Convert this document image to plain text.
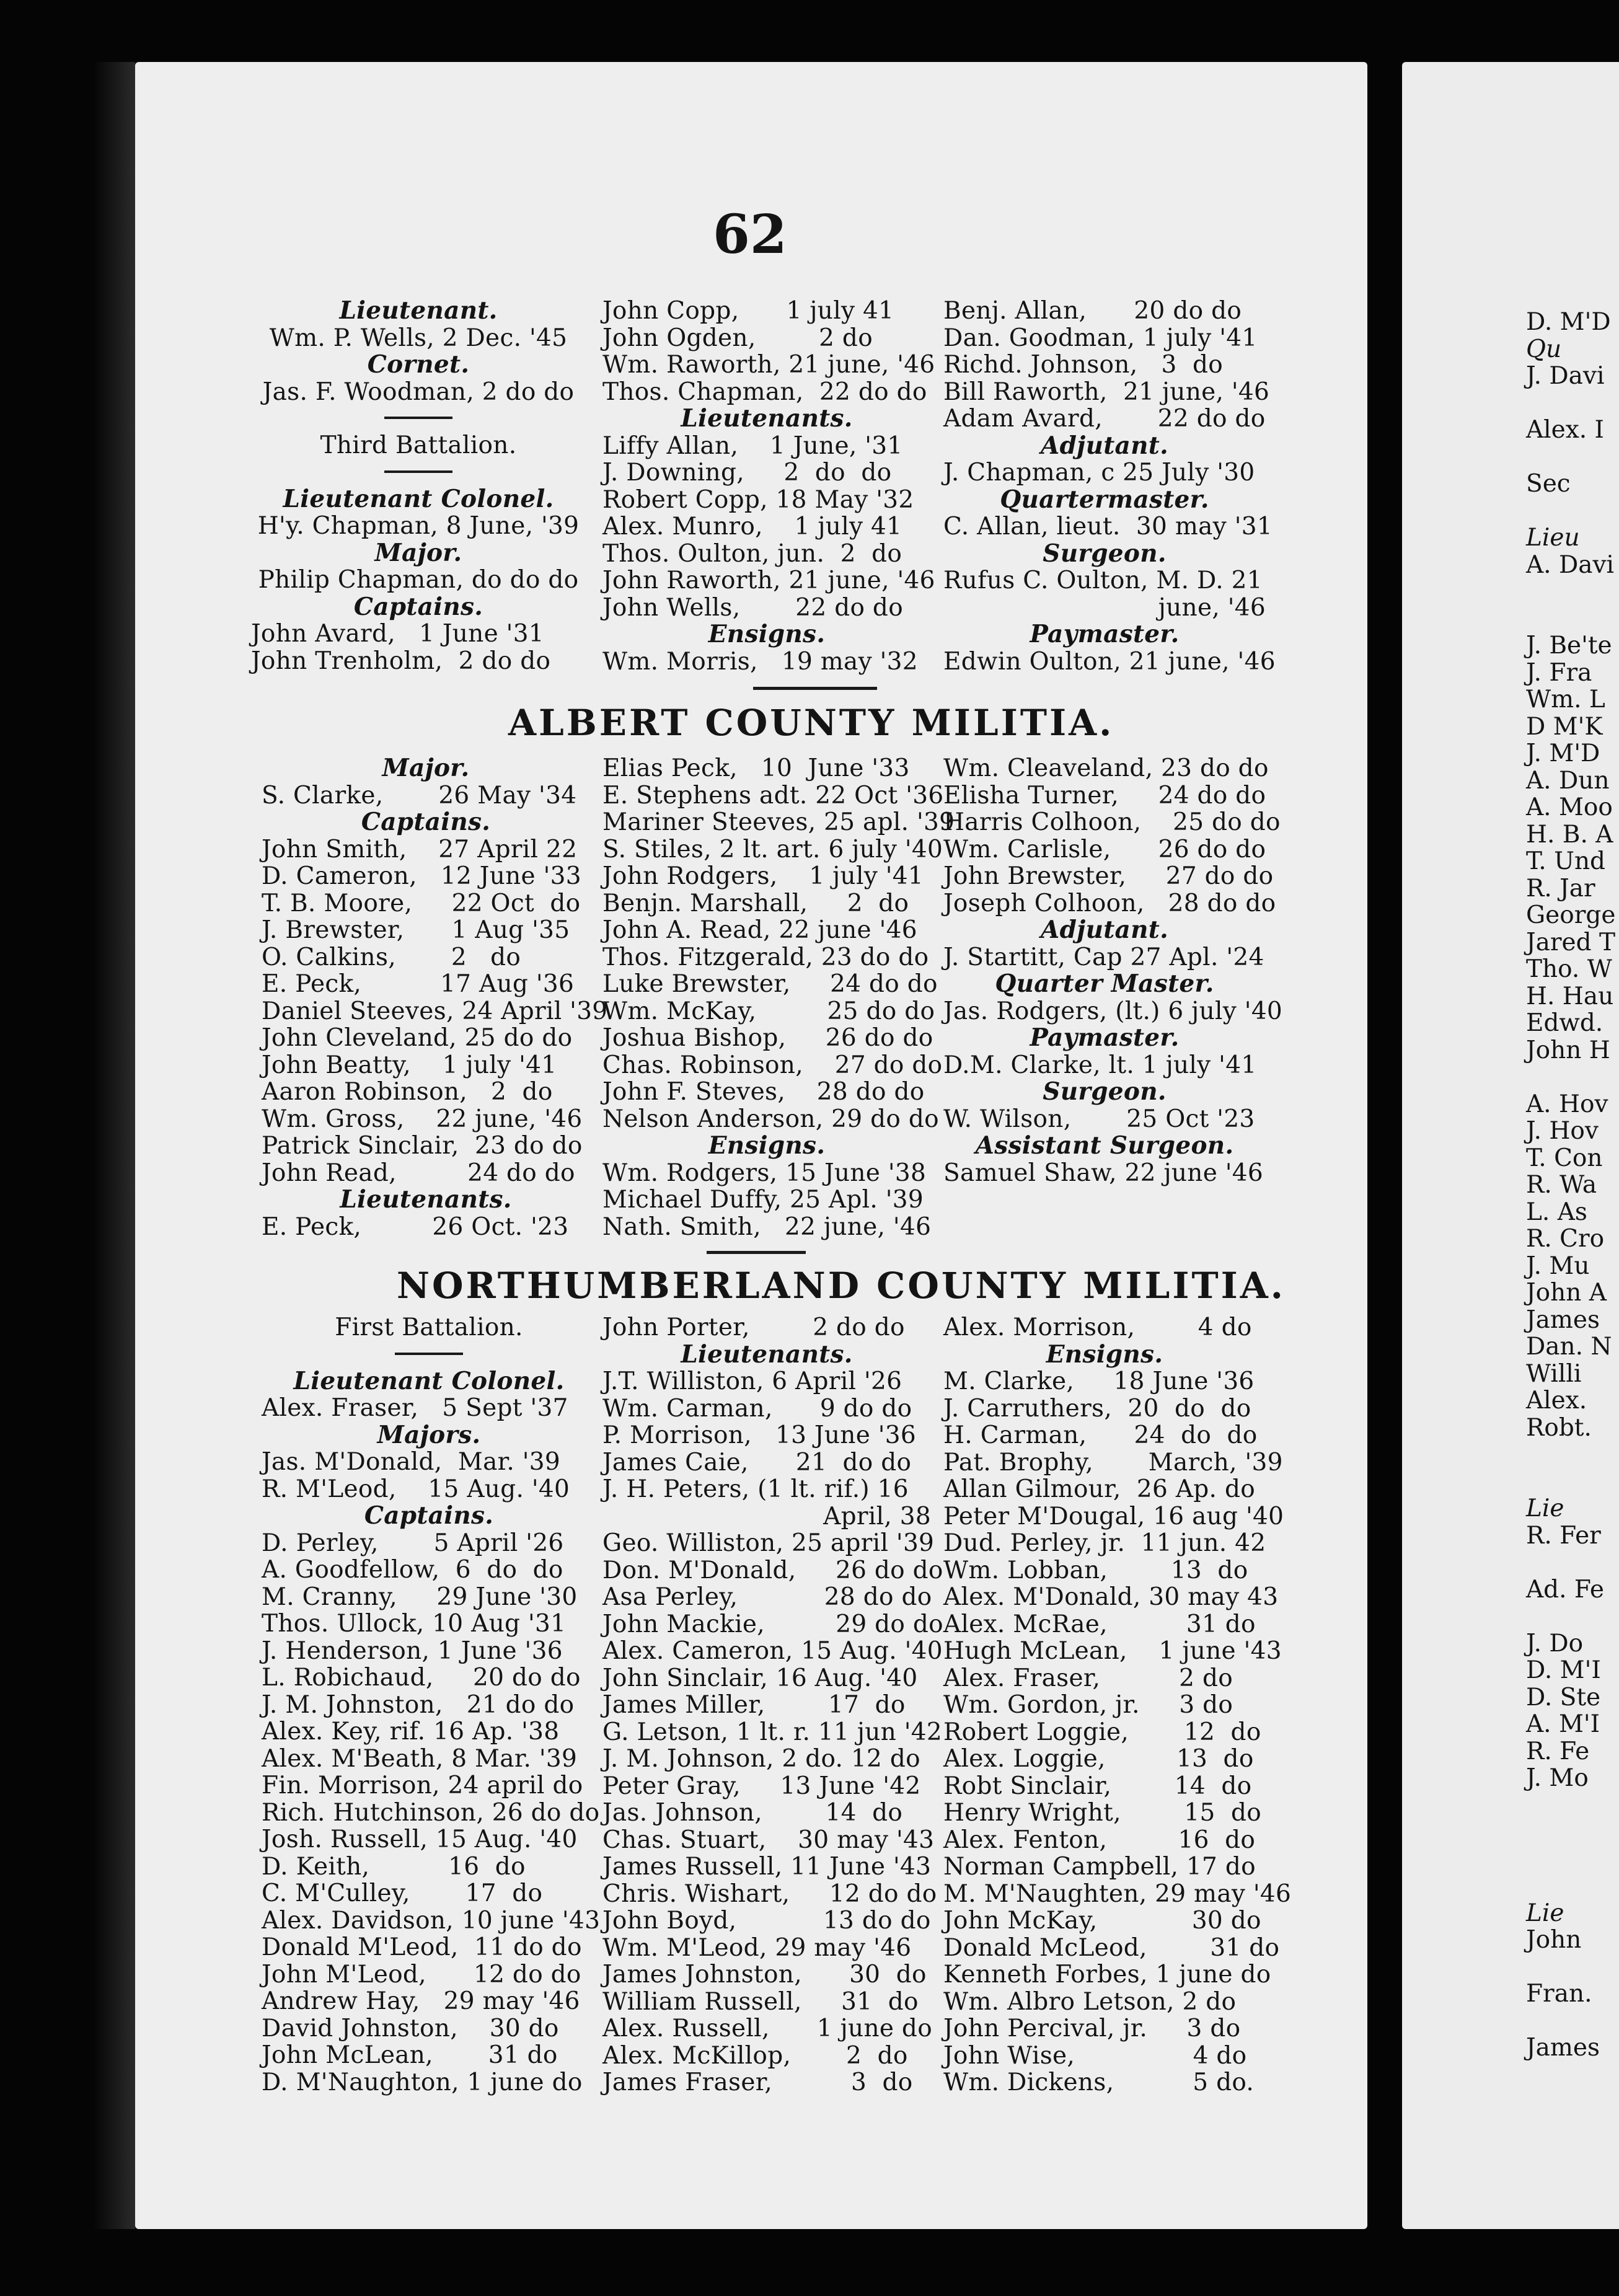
62
Lieutenant.
Wm. P. Wells, 2 Dec. '45
Cornet.
Jas. F. Woodman, 2 do do
Third Battalion.
Lieutenant Colonel.
H'y. Chapman, 8 June, '39
Major.
Philip Chapman, do do do
Captains.
John Avard,   1 June '31
John Trenholm,  2 do do
John Copp,      1 july 41
John Ogden,        2 do
Wm. Raworth, 21 june, '46
Thos. Chapman,  22 do do
Lieutenants.
Liffy Allan,    1 June, '31
J. Downing,     2  do  do
Robert Copp, 18 May '32
Alex. Munro,    1 july 41
Thos. Oulton, jun.  2  do
John Raworth, 21 june, '46
John Wells,       22 do do
Ensigns.
Wm. Morris,   19 may '32
Benj. Allan,      20 do do
Dan. Goodman, 1 july '41
Richd. Johnson,   3  do
Bill Raworth,  21 june, '46
Adam Avard,       22 do do
Adjutant.
J. Chapman, c 25 July '30
Quartermaster.
C. Allan, lieut.  30 may '31
Surgeon.
Rufus C. Oulton, M. D. 21
june, '46
Paymaster.
Edwin Oulton, 21 june, '46
ALBERT COUNTY MILITIA.
Major.
S. Clarke,       26 May '34
Captains.
John Smith,    27 April 22
D. Cameron,   12 June '33
T. B. Moore,     22 Oct  do
J. Brewster,      1 Aug '35
O. Calkins,       2   do
E. Peck,          17 Aug '36
Daniel Steeves, 24 April '39
John Cleveland, 25 do do
John Beatty,    1 july '41
Aaron Robinson,   2  do
Wm. Gross,    22 june, '46
Patrick Sinclair,  23 do do
John Read,         24 do do
Lieutenants.
E. Peck,         26 Oct. '23
Elias Peck,   10  June '33
E. Stephens adt. 22 Oct '36
Mariner Steeves, 25 apl. '39
S. Stiles, 2 lt. art. 6 july '40
John Rodgers,    1 july '41
Benjn. Marshall,     2  do
John A. Read, 22 june '46
Thos. Fitzgerald, 23 do do
Luke Brewster,     24 do do
Wm. McKay,         25 do do
Joshua Bishop,     26 do do
Chas. Robinson,    27 do do
John F. Steves,    28 do do
Nelson Anderson, 29 do do
Ensigns.
Wm. Rodgers, 15 June '38
Michael Duffy, 25 Apl. '39
Nath. Smith,   22 june, '46
Wm. Cleaveland, 23 do do
Elisha Turner,     24 do do
Harris Colhoon,    25 do do
Wm. Carlisle,      26 do do
John Brewster,     27 do do
Joseph Colhoon,   28 do do
Adjutant.
J. Startitt, Cap 27 Apl. '24
Quarter Master.
Jas. Rodgers, (lt.) 6 july '40
Paymaster.
D.M. Clarke, lt. 1 july '41
Surgeon.
W. Wilson,       25 Oct '23
Assistant Surgeon.
Samuel Shaw, 22 june '46
NORTHUMBERLAND COUNTY MILITIA.
First Battalion.
Lieutenant Colonel.
Alex. Fraser,   5 Sept '37
Majors.
Jas. M'Donald,  Mar. '39
R. M'Leod,    15 Aug. '40
Captains.
D. Perley,       5 April '26
A. Goodfellow,  6  do  do
M. Cranny,     29 June '30
Thos. Ullock, 10 Aug '31
J. Henderson, 1 June '36
L. Robichaud,     20 do do
J. M. Johnston,   21 do do
Alex. Key, rif. 16 Ap. '38
Alex. M'Beath, 8 Mar. '39
Fin. Morrison, 24 april do
Rich. Hutchinson, 26 do do
Josh. Russell, 15 Aug. '40
D. Keith,          16  do
C. M'Culley,       17  do
Alex. Davidson, 10 june '43
Donald M'Leod,  11 do do
John M'Leod,      12 do do
Andrew Hay,   29 may '46
David Johnston,    30 do
John McLean,       31 do
D. M'Naughton, 1 june do
John Porter,        2 do do
Lieutenants.
J.T. Williston, 6 April '26
Wm. Carman,      9 do do
P. Morrison,   13 June '36
James Caie,      21  do do
J. H. Peters, (1 lt. rif.) 16
April, 38
Geo. Williston, 25 april '39
Don. M'Donald,     26 do do
Asa Perley,           28 do do
John Mackie,         29 do do
Alex. Cameron, 15 Aug. '40
John Sinclair, 16 Aug. '40
James Miller,        17  do
G. Letson, 1 lt. r. 11 jun '42
J. M. Johnson, 2 do. 12 do
Peter Gray,     13 June '42
Jas. Johnson,        14  do
Chas. Stuart,    30 may '43
James Russell, 11 June '43
Chris. Wishart,     12 do do
John Boyd,           13 do do
Wm. M'Leod, 29 may '46
James Johnston,      30  do
William Russell,     31  do
Alex. Russell,      1 june do
Alex. McKillop,       2  do
James Fraser,          3  do
Alex. Morrison,        4 do
Ensigns.
M. Clarke,     18 June '36
J. Carruthers,  20  do  do
H. Carman,      24  do  do
Pat. Brophy,       March, '39
Allan Gilmour,  26 Ap. do
Peter M'Dougal, 16 aug '40
Dud. Perley, jr.  11 jun. 42
Wm. Lobban,        13  do
Alex. M'Donald, 30 may 43
Alex. McRae,          31 do
Hugh McLean,    1 june '43
Alex. Fraser,          2 do
Wm. Gordon, jr.     3 do
Robert Loggie,       12  do
Alex. Loggie,         13  do
Robt Sinclair,        14  do
Henry Wright,        15  do
Alex. Fenton,         16  do
Norman Campbell, 17 do
M. M'Naughten, 29 may '46
John McKay,            30 do
Donald McLeod,        31 do
Kenneth Forbes, 1 june do
Wm. Albro Letson, 2 do
John Percival, jr.     3 do
John Wise,               4 do
Wm. Dickens,          5 do.
D. M'D
Qu
J. Davi

Alex. I

Sec

Lieu
A. Davi

J. Be'te
J. Fra
Wm. L
D M'K
J. M'D
A. Dun
A. Moo
H. B. A
T. Und
R. Jar
George
Jared T
Tho. W
H. Hau
Edwd.
John H

A. Hov
J. Hov
T. Con
R. Wa
L. As
R. Cro
J. Mu
John A
James
Dan. N
Willi
Alex.
Robt.

Lie
R. Fer

Ad. Fe

J. Do
D. M'I
D. Ste
A. M'I
R. Fe
J. Mo

Lie
John

Fran.

James
